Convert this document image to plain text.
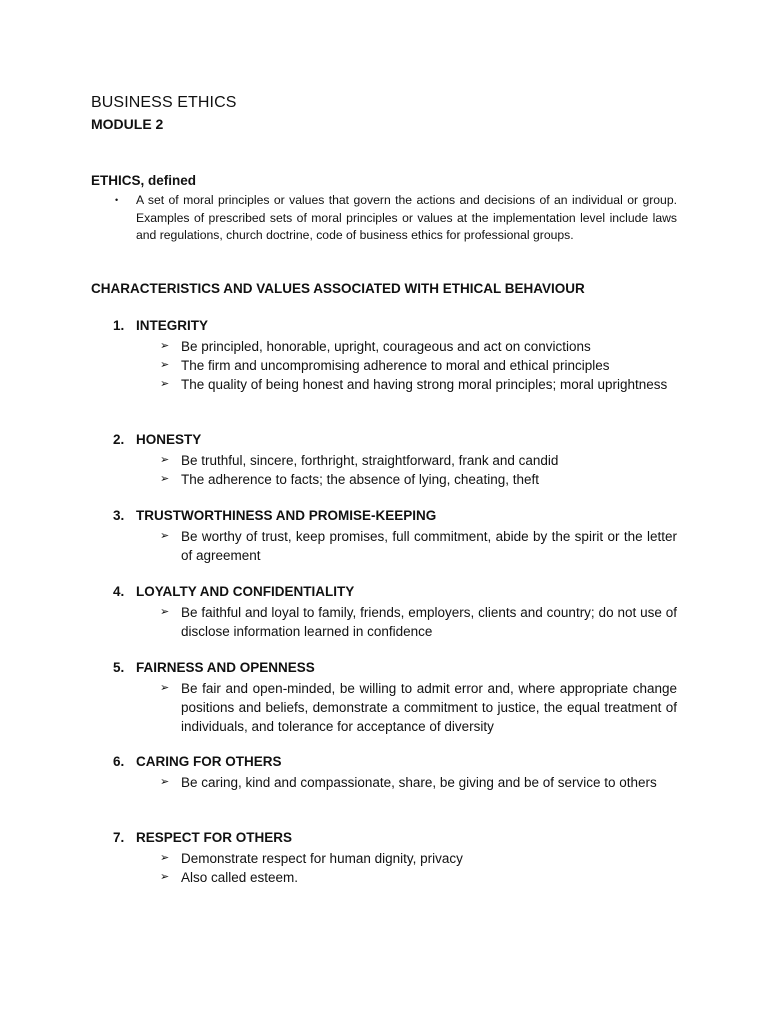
BUSINESS ETHICS
MODULE 2
ETHICS, defined
• A set of moral principles or values that govern the actions and decisions of an individual or group. Examples of prescribed sets of moral principles or values at the implementation level include laws and regulations, church doctrine, code of business ethics for professional groups.
CHARACTERISTICS AND VALUES ASSOCIATED WITH ETHICAL BEHAVIOUR
1. INTEGRITY
➢ Be principled, honorable, upright, courageous and act on convictions
➢ The firm and uncompromising adherence to moral and ethical principles
➢ The quality of being honest and having strong moral principles; moral uprightness
2. HONESTY
➢ Be truthful, sincere, forthright, straightforward, frank and candid
➢ The adherence to facts; the absence of lying, cheating, theft
3. TRUSTWORTHINESS AND PROMISE-KEEPING
➢ Be worthy of trust, keep promises, full commitment, abide by the spirit or the letter of agreement
4. LOYALTY AND CONFIDENTIALITY
➢ Be faithful and loyal to family, friends, employers, clients and country; do not use of disclose information learned in confidence
5. FAIRNESS AND OPENNESS
➢ Be fair and open-minded, be willing to admit error and, where appropriate change positions and beliefs, demonstrate a commitment to justice, the equal treatment of individuals, and tolerance for acceptance of diversity
6. CARING FOR OTHERS
➢ Be caring, kind and compassionate, share, be giving and be of service to others
7. RESPECT FOR OTHERS
➢ Demonstrate respect for human dignity, privacy
➢ Also called esteem.
